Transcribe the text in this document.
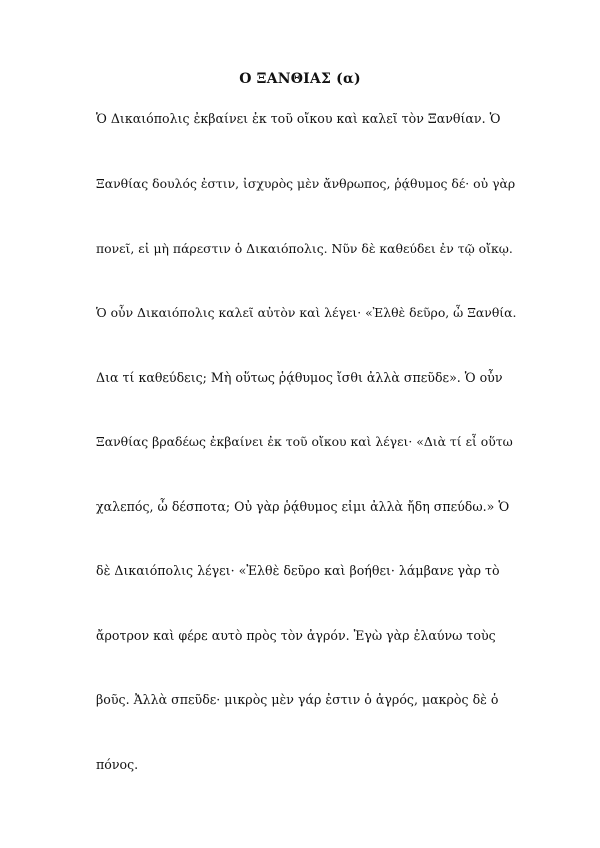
Ο ΞΑΝΘΙΑΣ (α)

Ὁ Δικαιόπολις ἐκβαίνει ἐκ τοῦ οἴκου καὶ καλεῖ τὸν Ξανθίαν. Ὁ

Ξανθίας δουλός ἐστιν, ἰσχυρὸς μὲν ἄνθρωπος, ῥᾴθυμος δέ· οὐ γὰρ

πονεῖ, εἰ μὴ πάρεστιν ὁ Δικαιόπολις. Νῦν δὲ καθεύδει ἐν τῷ οἴκῳ.

Ὁ οὖν Δικαιόπολις καλεῖ αὐτὸν καὶ λέγει· «Ἐλθὲ δεῦρο, ὦ Ξανθία.

Δια τί καθεύδεις; Μὴ οὕτως ῥᾴθυμος ἴσθι ἀλλὰ σπεῦδε». Ὁ οὖν

Ξανθίας βραδέως ἐκβαίνει ἐκ τοῦ οἴκου καὶ λέγει· «Διὰ τί εἶ οὕτω

χαλεπός, ὦ δέσποτα; Οὐ γὰρ ῥᾴθυμος εἰμι ἀλλὰ ἤδη σπεύδω.» Ὁ

δὲ Δικαιόπολις λέγει· «Ἐλθὲ δεῦρο καὶ βοήθει· λάμβανε γὰρ τὸ

ἄροτρον καὶ φέρε αυτὸ πρὸς τὸν ἀγρόν. Ἐγὼ γὰρ ἐλαύνω τοὺς

βοῦς. Ἀλλὰ σπεῦδε· μικρὸς μὲν γάρ ἐστιν ὁ ἀγρός, μακρὸς δὲ ὁ

πόνος.
